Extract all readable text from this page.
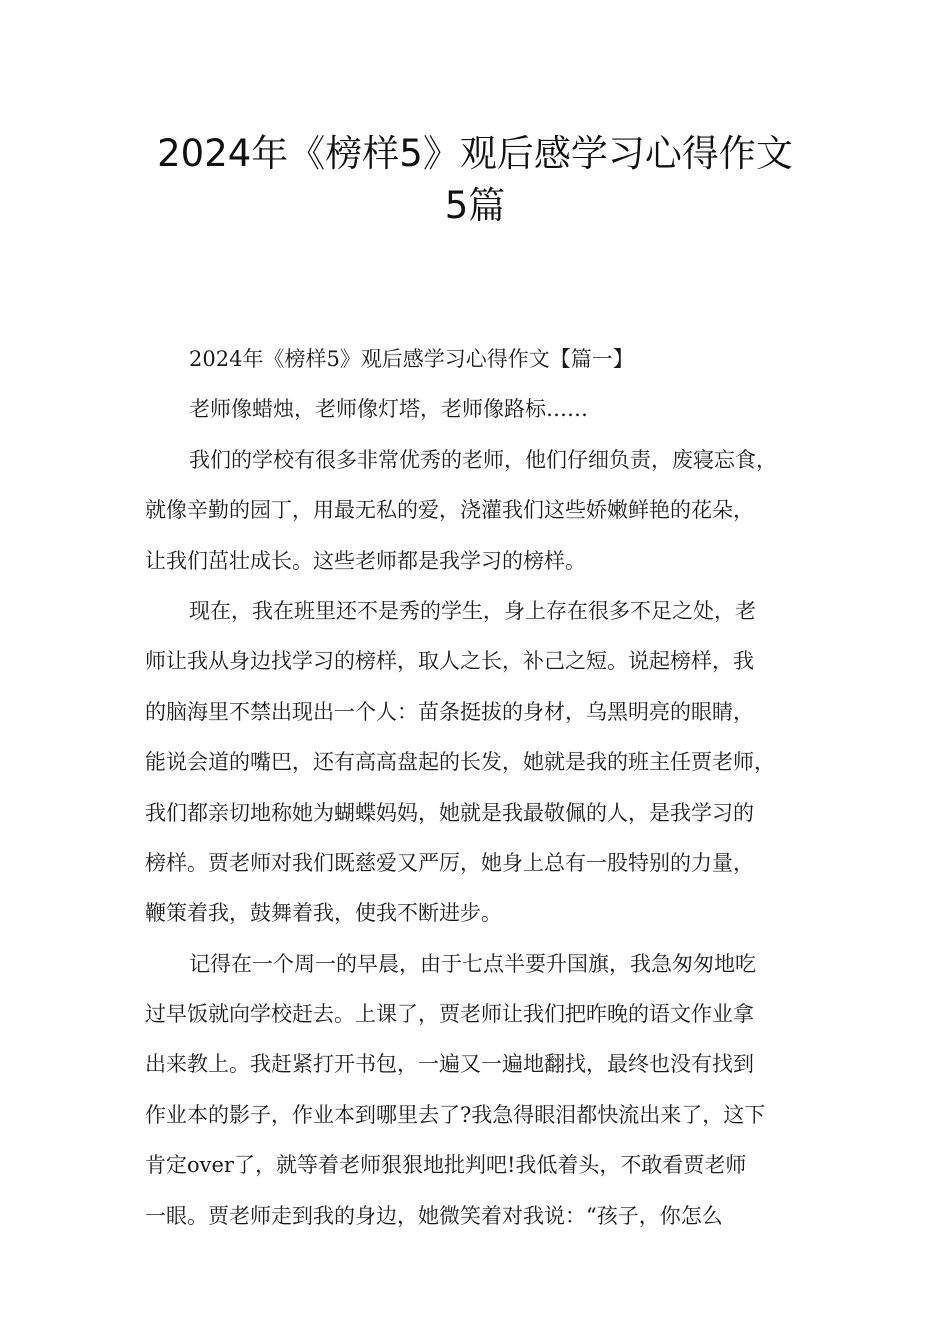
2024年《榜样5》观后感学习心得作文
5篇
2024年《榜样5》观后感学习心得作文【篇一】
老师像蜡烛，老师像灯塔，老师像路标……
我们的学校有很多非常优秀的老师，他们仔细负责，废寝忘食，
就像辛勤的园丁，用最无私的爱，浇灌我们这些娇嫩鲜艳的花朵，
让我们茁壮成长。这些老师都是我学习的榜样。
现在，我在班里还不是秀的学生，身上存在很多不足之处，老
师让我从身边找学习的榜样，取人之长，补己之短。说起榜样，我
的脑海里不禁出现出一个人：苗条挺拔的身材，乌黑明亮的眼睛，
能说会道的嘴巴，还有高高盘起的长发，她就是我的班主任贾老师，
我们都亲切地称她为蝴蝶妈妈，她就是我最敬佩的人，是我学习的
榜样。贾老师对我们既慈爱又严厉，她身上总有一股特别的力量，
鞭策着我，鼓舞着我，使我不断进步。
记得在一个周一的早晨，由于七点半要升国旗，我急匆匆地吃
过早饭就向学校赶去。上课了，贾老师让我们把昨晚的语文作业拿
出来教上。我赶紧打开书包，一遍又一遍地翻找，最终也没有找到
作业本的影子，作业本到哪里去了?我急得眼泪都快流出来了，这下
肯定over了，就等着老师狠狠地批判吧!我低着头，不敢看贾老师
一眼。贾老师走到我的身边，她微笑着对我说：“孩子，你怎么
